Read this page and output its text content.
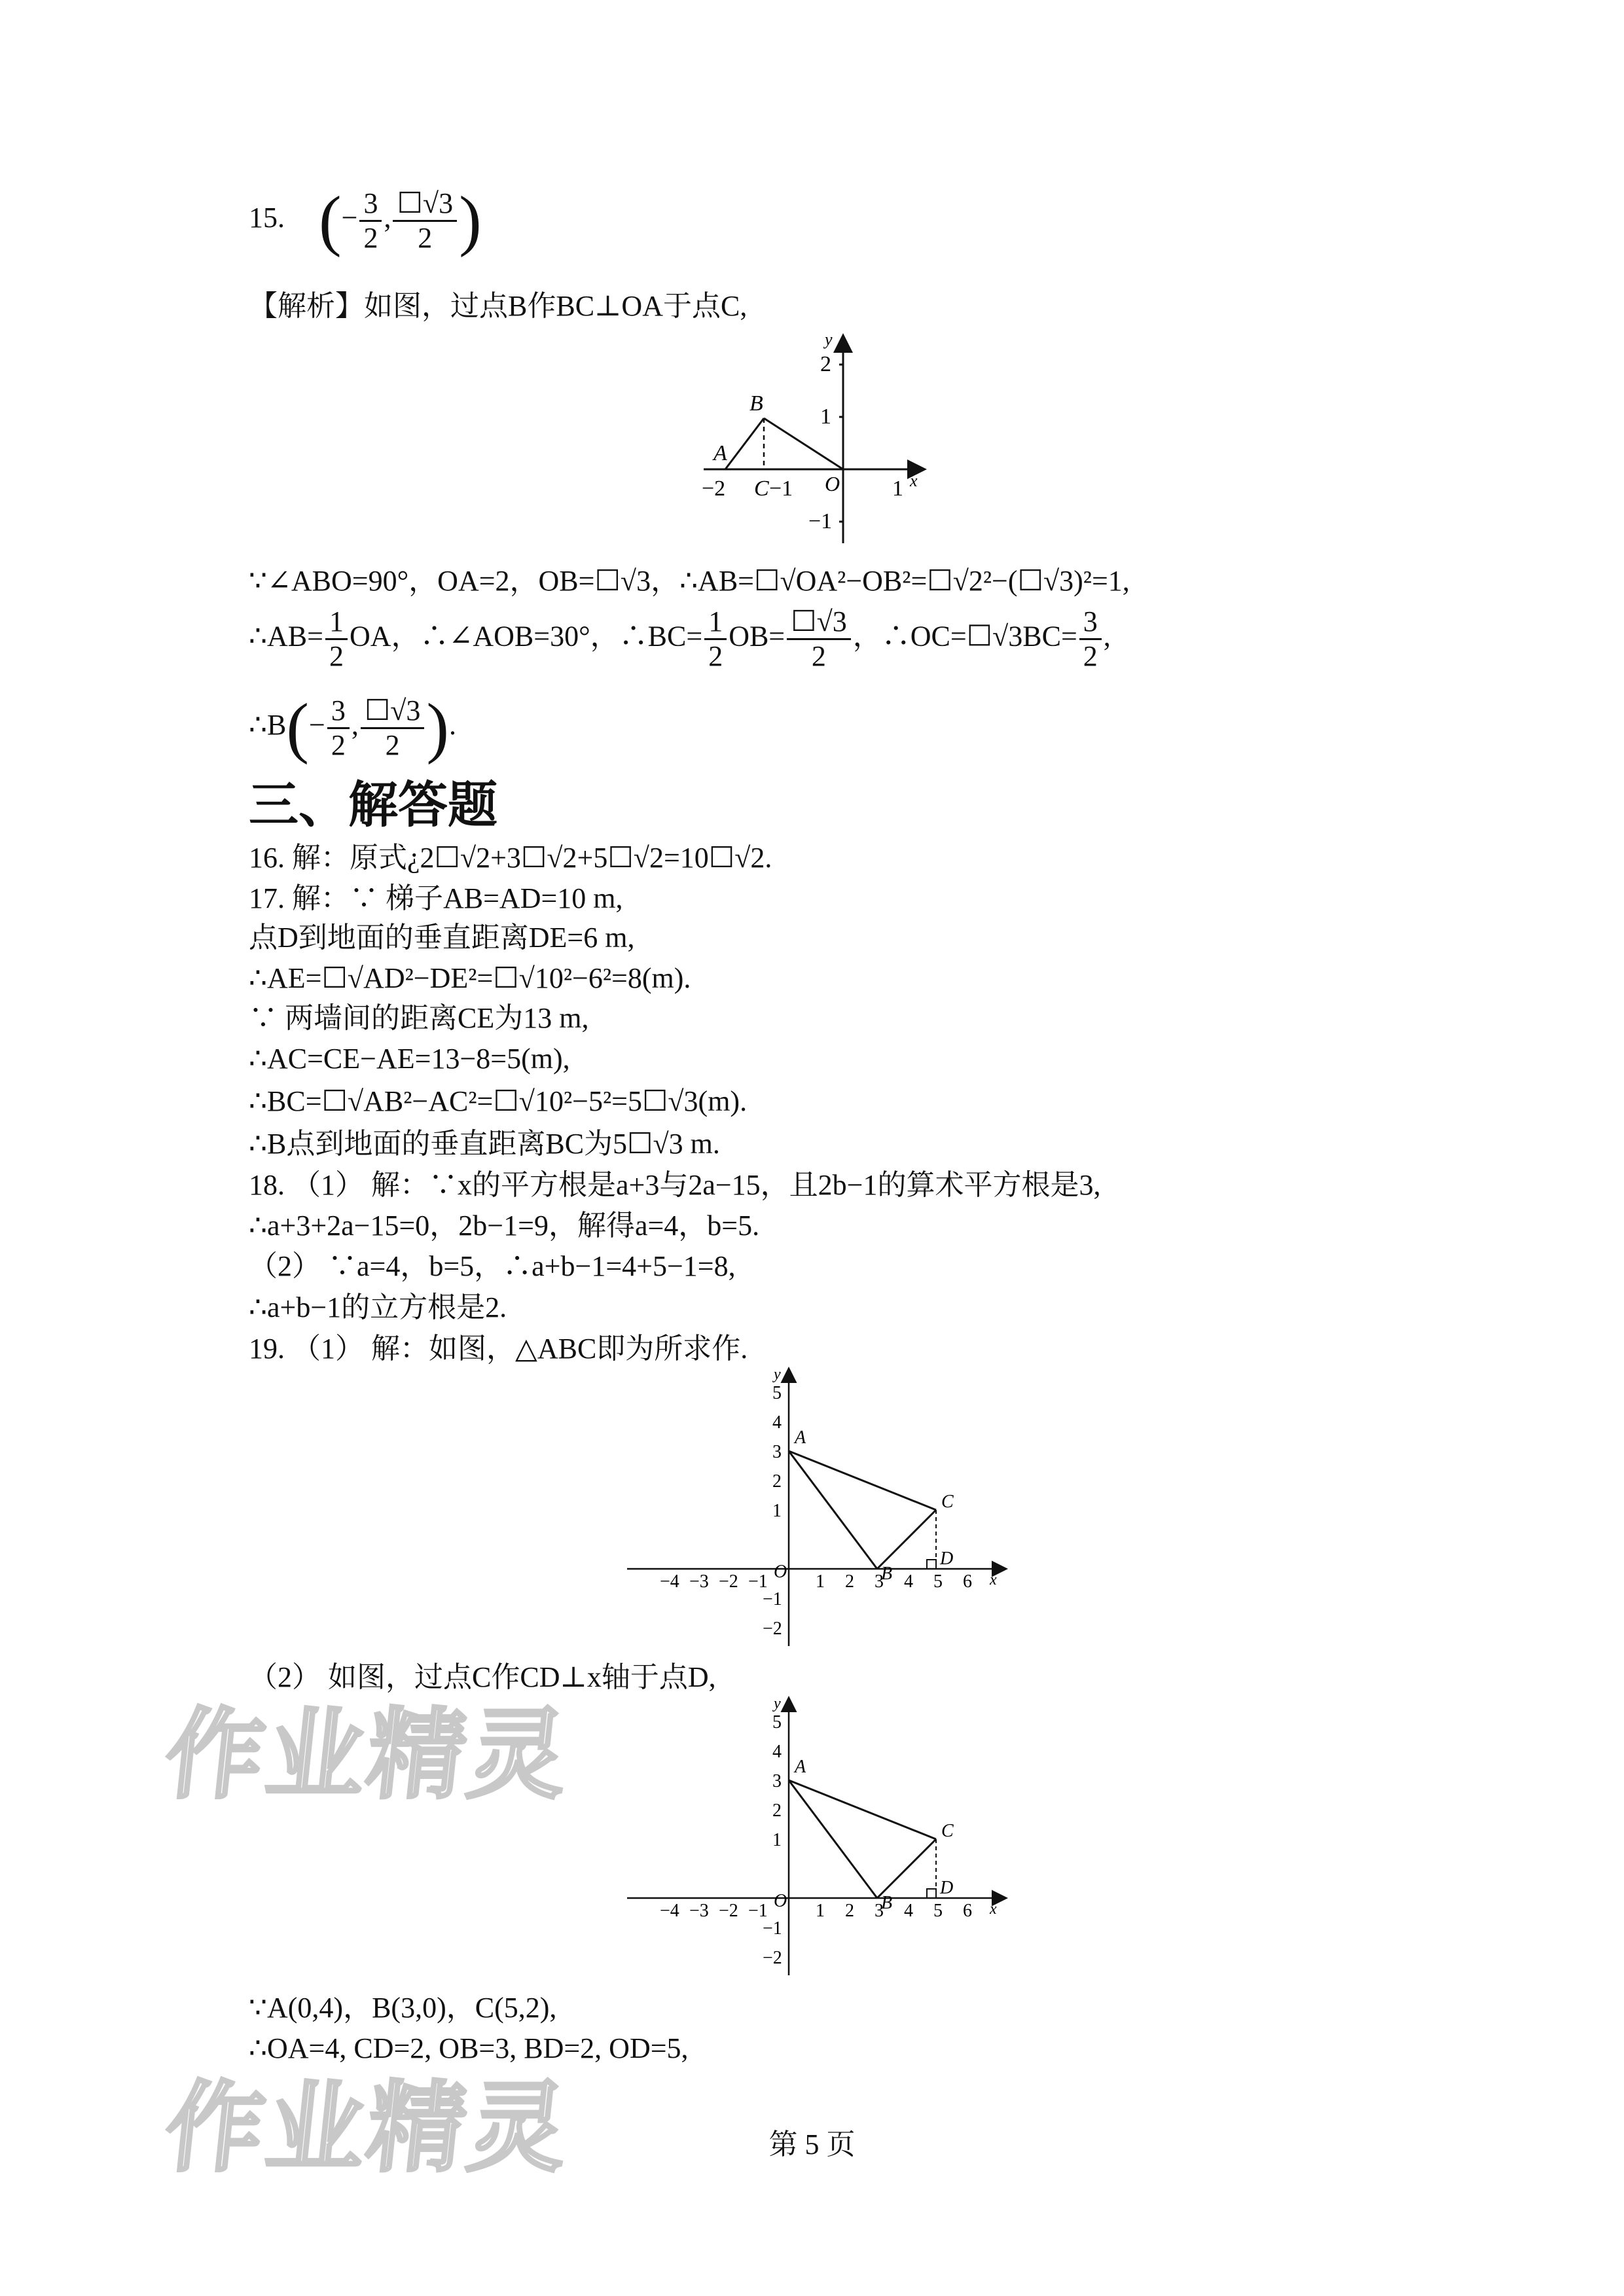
15. (− $\frac{3}{2}$ , $\frac{☐√3}{2}$ )
【解析】如图，过点B作BC⊥OA于点C,
y
2
1
−1
B
A
−2 C −1 O 1 x
∵∠ABO=90°，OA=2，OB=☐√3，∴AB=☐√OA²−OB²=☐√2²−(☐√3)²=1,
∴AB= $\frac{1}{2}$ OA，∴∠AOB=30°，∴BC= $\frac{1}{2} OB= \frac{☐√3}{2}$ ，∴OC=☐√3BC= $\frac{3}{2}$ ,
∴B(− $\frac{3}{2}$ , $\frac{☐√3}{2}$ ).
三、解答题
16. 解：原式¿2☐√2+3☐√2+5☐√2=10☐√2.
17. 解：∵ 梯子AB=AD=10 m,
点D到地面的垂直距离DE=6 m,
∴AE=☐√AD²−DE²=☐√10²−6²=8(m).
∵ 两墙间的距离CE为13 m,
∴AC=CE−AE=13−8=5(m),
∴BC=☐√AB²−AC²=☐√10²−5²=5☐√3(m).
∴B点到地面的垂直距离BC为5☐√3 m.
18. （1） 解：∵x的平方根是a+3与2a−15，且2b−1的算术平方根是3,
∴a+3+2a−15=0，2b−1=9，解得a=4，b=5.
（2） ∵a=4，b=5，∴a+b−1=4+5−1=8,
∴a+b−1的立方根是2.
19. （1） 解：如图，△ABC即为所求作.
y
5
4
3
2
1
−1
−2
−4 −3 −2 −1 O 1 2 3 4 5 6 x
A
B
C
D
（2） 如图，过点C作CD⊥x轴于点D,
y
5
4
3
2
1
−1
−2
−4 −3 −2 −1 O 1 2 3 4 5 6 x
A
B
C
D
∵A(0,4)，B(3,0)，C(5,2),
∴OA=4, CD=2, OB=3, BD=2, OD=5,
作业精灵
作业精灵	第 5 页
